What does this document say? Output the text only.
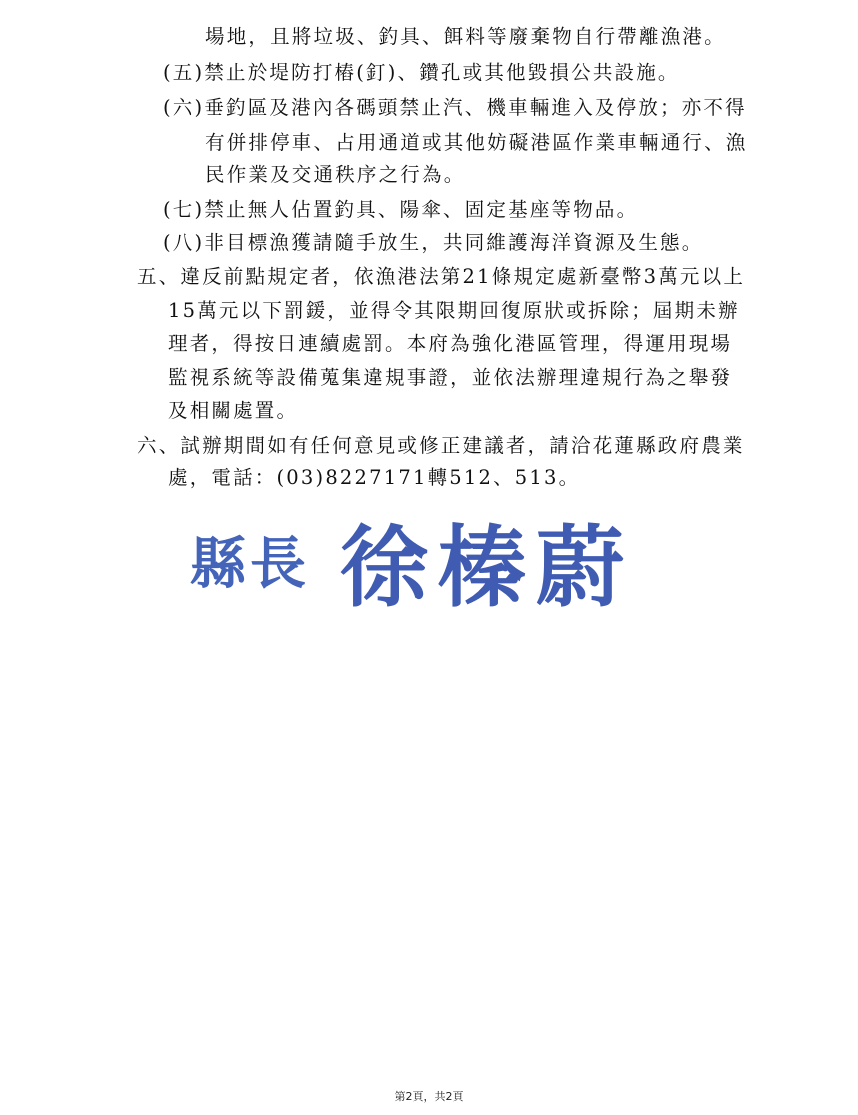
場地，且將垃圾、釣具、餌料等廢棄物自行帶離漁港。
(五)禁止於堤防打樁(釘)、鑽孔或其他毀損公共設施。
(六)垂釣區及港內各碼頭禁止汽、機車輛進入及停放；亦不得
有併排停車、占用通道或其他妨礙港區作業車輛通行、漁
民作業及交通秩序之行為。
(七)禁止無人佔置釣具、陽傘、固定基座等物品。
(八)非目標漁獲請隨手放生，共同維護海洋資源及生態。
五、違反前點規定者，依漁港法第21條規定處新臺幣3萬元以上
15萬元以下罰鍰，並得令其限期回復原狀或拆除；屆期未辦
理者，得按日連續處罰。本府為強化港區管理，得運用現場
監視系統等設備蒐集違規事證，並依法辦理違規行為之舉發
及相關處置。
六、試辦期間如有任何意見或修正建議者，請洽花蓮縣政府農業
處，電話：(03)8227171轉512、513。
縣長 徐榛蔚
第2頁，共2頁
